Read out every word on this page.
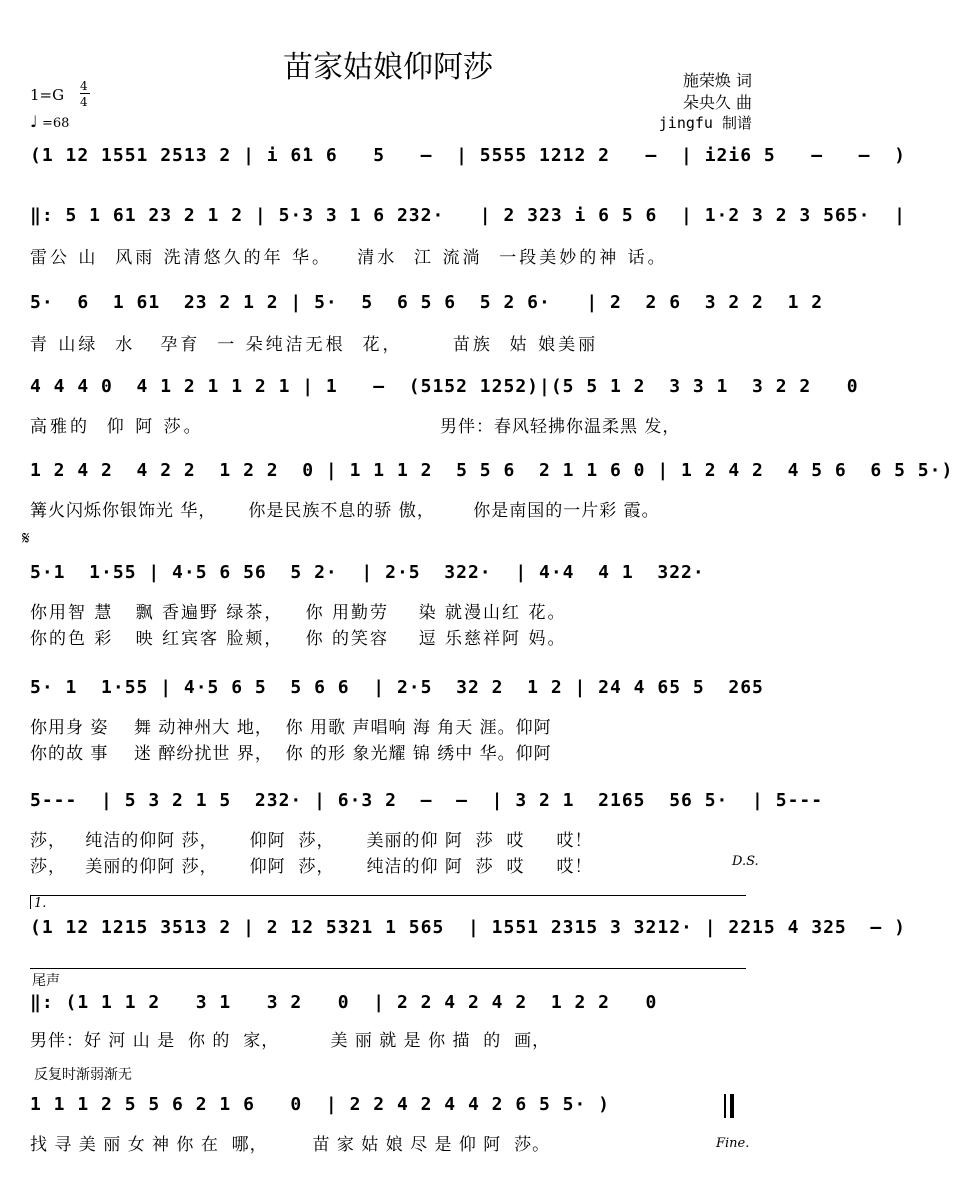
苗家姑娘仰阿莎	施荣焕 词
朵央久 曲
jingfu 制谱
1=G 4
4
♩ =68
(1 12 1551 2513 2 | i 6̇1 6   5   –  | 5555 1212 2   –  | i2i6 5   –   –  )
‖: 5 1 61 23 2 1 2 | 5·3 3 1 6 232·   | 2 323 i 6 5 6  | 1·2 3 2 3 565·  |
雷公 山  风雨 洗清悠久的年 华。   清水  江 流淌  一段美妙的神 话。
5·  6  1 61  23 2 1 2 | 5·  5  6 5 6  5 2 6·   | 2  2 6  3 2 2  1 2
青 山绿  水   孕育  一 朵纯洁无根  花，      苗族  姑 娘美丽
4 4 4 0  4 1 2 1 1 2 1 | 1   –  (5152 1252)|(5 5 1 2  3 3 1  3 2 2   0
高雅的  仰 阿 莎。	男伴：春风轻拂你温柔黑 发，
1 2 4 2  4 2 2  1 2 2  0 | 1 1 1 2  5 5 6  2 1 1 6 0 | 1 2 4 2  4 5 6  6 5 5·)
篝火闪烁你银饰光 华，     你是民族不息的骄 傲，      你是南国的一片彩 霞。
𝄋
5·1  1·55 | 4·5 6 56  5 2·  | 2·5  322·  | 4·4  4 1  322·
你用智 慧   飘 香遍野 绿茶，   你 用勤劳    染 就漫山红 花。
你的色 彩   映 红宾客 脸颊，   你 的笑容    逗 乐慈祥阿 妈。
5· 1  1·55 | 4·5 6 5  5 6 6  | 2·5  32 2  1 2 | 24 4 65 5  265
你用身 姿    舞 动神州大 地，  你 用歌 声唱响 海 角天 涯。仰阿
你的故 事    迷 醉纷扰世 界，  你 的形 象光耀 锦 绣中 华。仰阿
5---  | 5 3 2 1 5  232· | 6·3 2  –  –  | 3 2 1  2165  56 5·  | 5---
莎，   纯洁的仰阿 莎，     仰阿  莎，     美丽的仰 阿  莎  哎     哎！
莎，   美丽的仰阿 莎，     仰阿  莎，     纯洁的仰 阿  莎  哎     哎！	D.S.
1.
(1 12 1215 3513 2 | 2 12 5321 1 565  | 1551 2315 3 3212· | 2215 4 325  – )
尾声
‖: (1 1 1 2   3 1   3 2   0  | 2 2 4 2 4 2  1 2 2   0
男伴：好 河 山 是  你 的  家，        美 丽 就 是 你 描  的  画，
反复时渐弱渐无
1 1 1 2 5 5 6 2 1 6   0  | 2 2 4 2 4 4 2 6 5 5· )
找 寻 美 丽 女 神 你 在  哪，       苗 家 姑 娘 尽 是 仰 阿  莎。	Fine.
